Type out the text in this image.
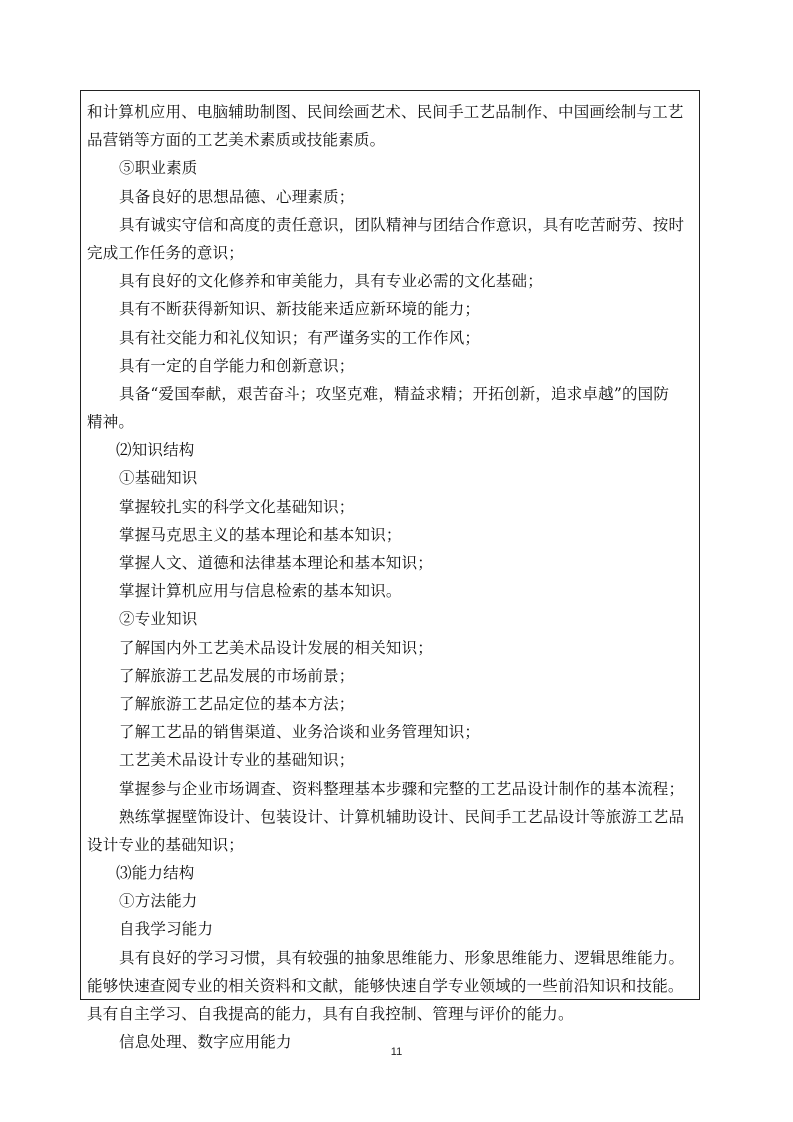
和计算机应用、电脑辅助制图、民间绘画艺术、民间手工艺品制作、中国画绘制与工艺
品营销等方面的工艺美术素质或技能素质。
⑤职业素质
具备良好的思想品德、心理素质；
具有诚实守信和高度的责任意识，团队精神与团结合作意识，具有吃苦耐劳、按时
完成工作任务的意识；
具有良好的文化修养和审美能力，具有专业必需的文化基础；
具有不断获得新知识、新技能来适应新环境的能力；
具有社交能力和礼仪知识；有严谨务实的工作作风；
具有一定的自学能力和创新意识；
具备“爱国奉献，艰苦奋斗；攻坚克难，精益求精；开拓创新，追求卓越”的国防
精神。
⑵知识结构
①基础知识
掌握较扎实的科学文化基础知识；
掌握马克思主义的基本理论和基本知识；
掌握人文、道德和法律基本理论和基本知识；
掌握计算机应用与信息检索的基本知识。
②专业知识
了解国内外工艺美术品设计发展的相关知识；
了解旅游工艺品发展的市场前景；
了解旅游工艺品定位的基本方法；
了解工艺品的销售渠道、业务洽谈和业务管理知识；
工艺美术品设计专业的基础知识；
掌握参与企业市场调查、资料整理基本步骤和完整的工艺品设计制作的基本流程；
熟练掌握壁饰设计、包装设计、计算机辅助设计、民间手工艺品设计等旅游工艺品
设计专业的基础知识；
⑶能力结构
①方法能力
自我学习能力
具有良好的学习习惯，具有较强的抽象思维能力、形象思维能力、逻辑思维能力。
能够快速查阅专业的相关资料和文献，能够快速自学专业领域的一些前沿知识和技能。
具有自主学习、自我提高的能力，具有自我控制、管理与评价的能力。
信息处理、数字应用能力
11
